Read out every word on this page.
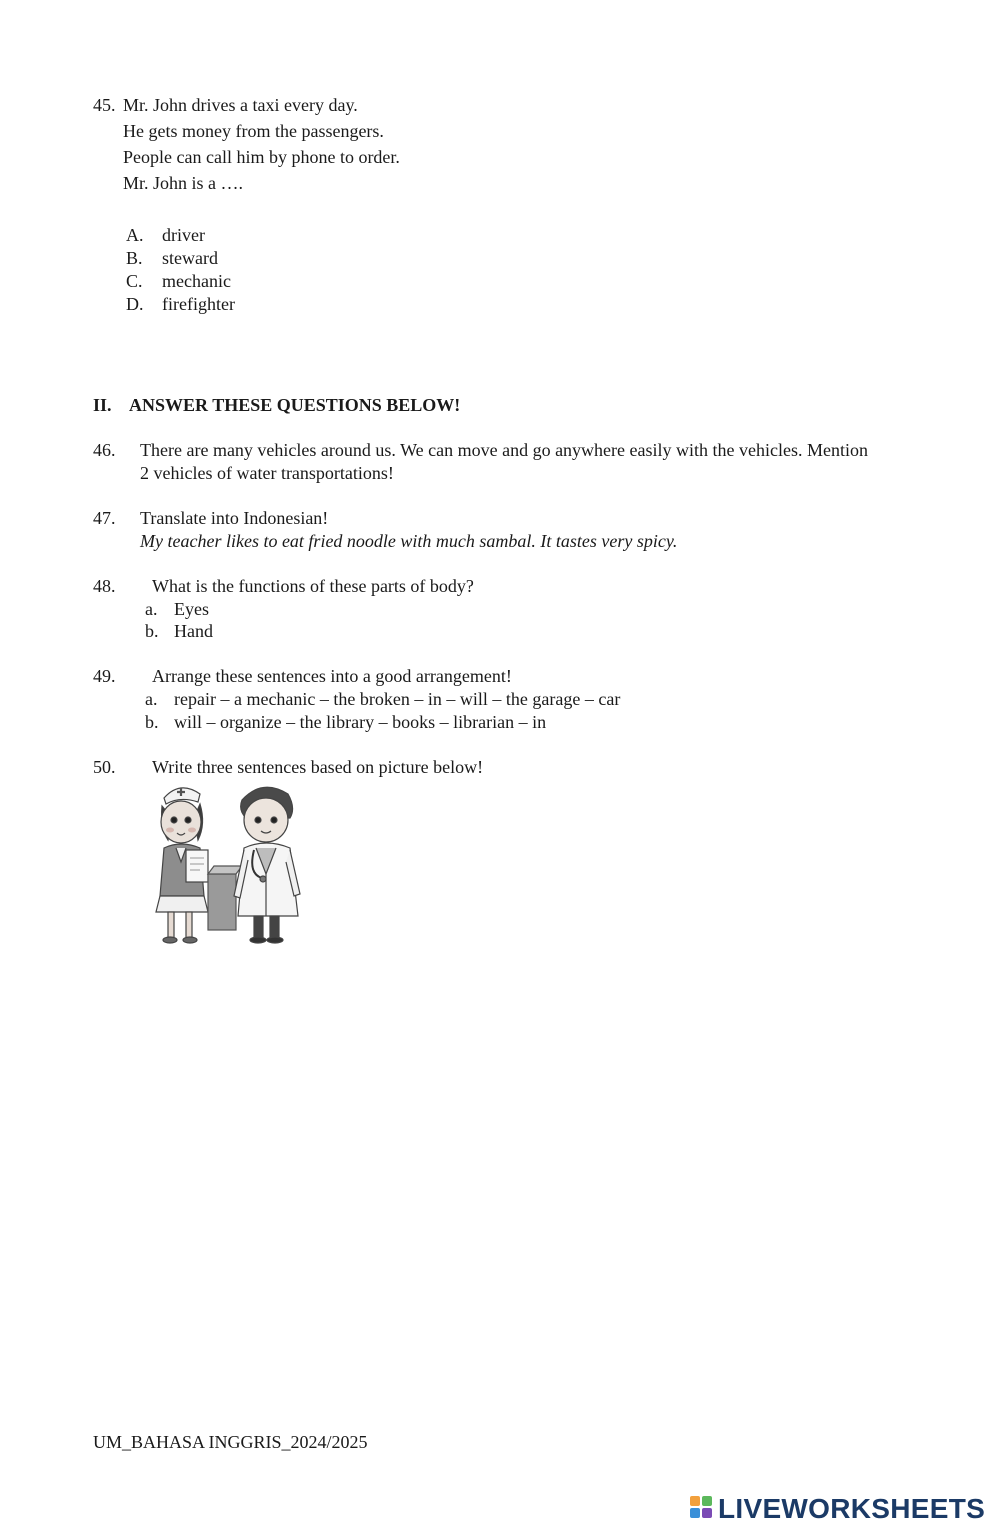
45. Mr. John drives a taxi every day.
He gets money from the passengers.
People can call him by phone to order.
Mr. John is a ….
A. driver
B. steward
C. mechanic
D. firefighter
II. ANSWER THESE QUESTIONS BELOW!
46. There are many vehicles around us. We can move and go anywhere easily with the vehicles. Mention
2 vehicles of water transportations!
47. Translate into Indonesian!
My teacher likes to eat fried noodle with much sambal. It tastes very spicy.
48. What is the functions of these parts of body?
a. Eyes
b. Hand
49. Arrange these sentences into a good arrangement!
a. repair – a mechanic – the broken – in – will – the garage – car
b. will – organize – the library – books – librarian – in
50. Write three sentences based on picture below!
UM_BAHASA INGGRIS_2024/2025
LIVEWORKSHEETS
